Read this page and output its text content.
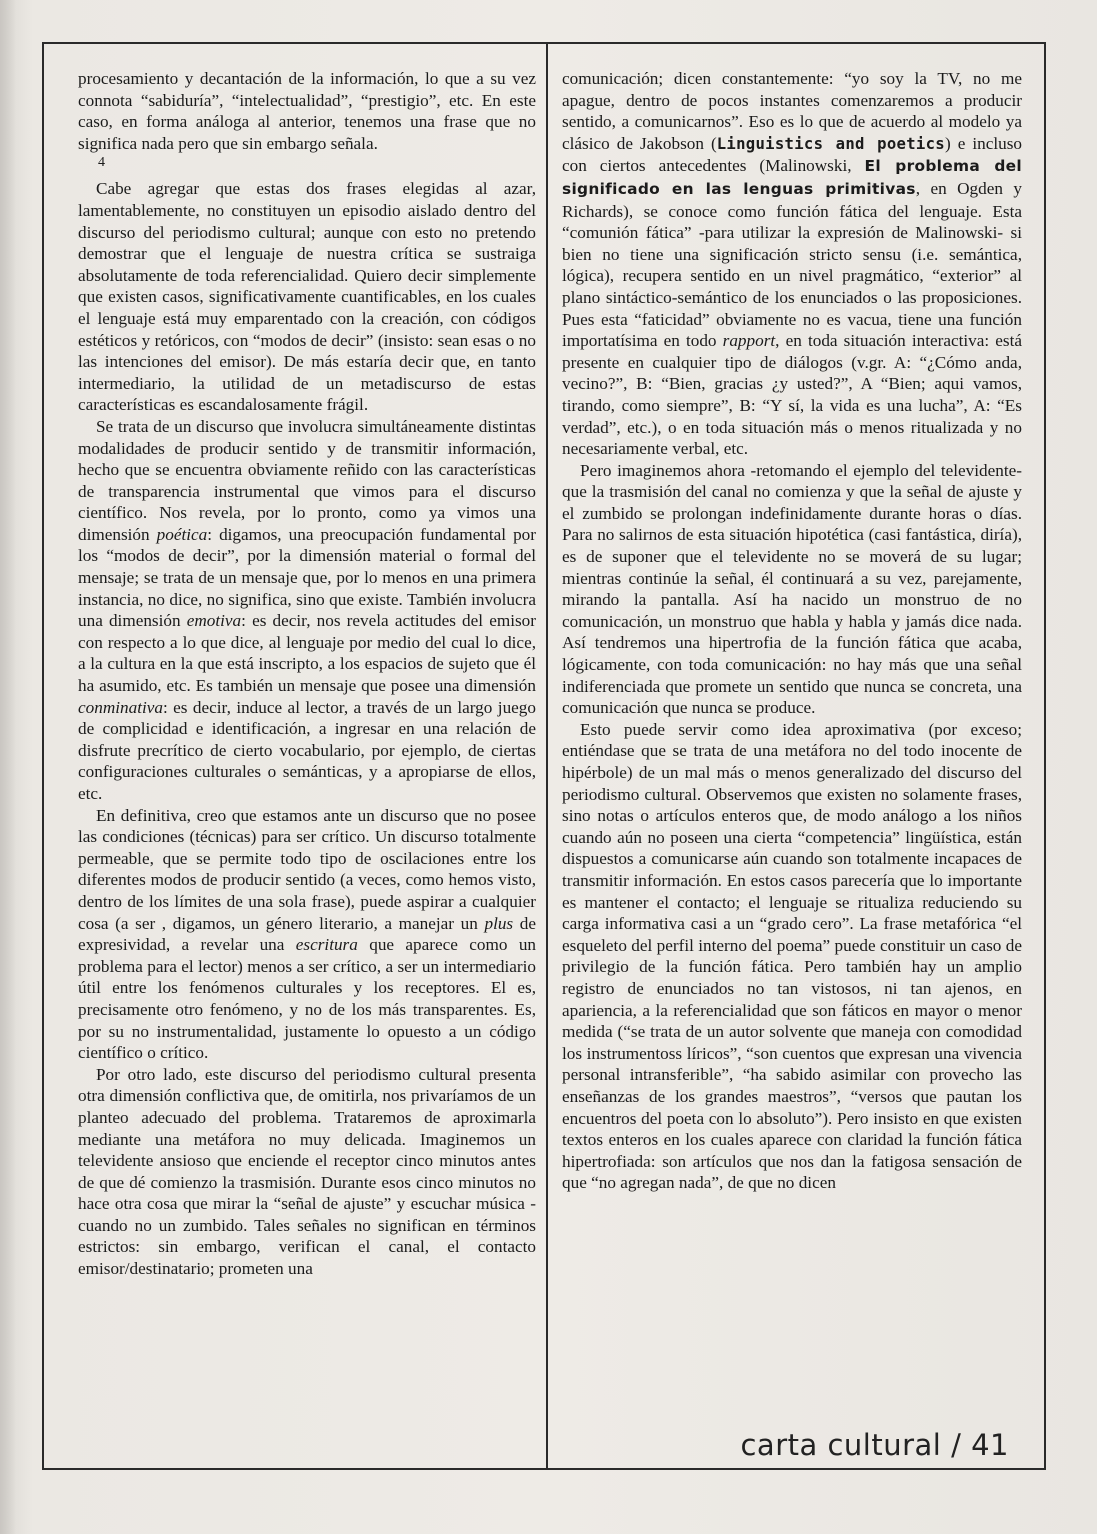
procesamiento y decantación de la información, lo que a su vez connota “sabiduría”, “intelectualidad”, “prestigio”, etc. En este caso, en forma análoga al anterior, tenemos una frase que no significa nada pero que sin embargo señala.

4

Cabe agregar que estas dos frases elegidas al azar, lamentablemente, no constituyen un episodio aislado dentro del discurso del periodismo cultural; aunque con esto no pretendo demostrar que el lenguaje de nuestra crítica se sustraiga absolutamente de toda referencialidad. Quiero decir simplemente que existen casos, significativamente cuantificables, en los cuales el lenguaje está muy emparentado con la creación, con códigos estéticos y retóricos, con “modos de decir” (insisto: sean esas o no las intenciones del emisor). De más estaría decir que, en tanto intermediario, la utilidad de un metadiscurso de estas características es escandalosamente frágil.

Se trata de un discurso que involucra simultáneamente distintas modalidades de producir sentido y de transmitir información, hecho que se encuentra obviamente reñido con las características de transparencia instrumental que vimos para el discurso científico. Nos revela, por lo pronto, como ya vimos una dimensión poética: digamos, una preocupación fundamental por los “modos de decir”, por la dimensión material o formal del mensaje; se trata de un mensaje que, por lo menos en una primera instancia, no dice, no significa, sino que existe. También involucra una dimensión emotiva: es decir, nos revela actitudes del emisor con respecto a lo que dice, al lenguaje por medio del cual lo dice, a la cultura en la que está inscripto, a los espacios de sujeto que él ha asumido, etc. Es también un mensaje que posee una dimensión conminativa: es decir, induce al lector, a través de un largo juego de complicidad e identificación, a ingresar en una relación de disfrute precrítico de cierto vocabulario, por ejemplo, de ciertas configuraciones culturales o semánticas, y a apropiarse de ellos, etc.

En definitiva, creo que estamos ante un discurso que no posee las condiciones (técnicas) para ser crítico. Un discurso totalmente permeable, que se permite todo tipo de oscilaciones entre los diferentes modos de producir sentido (a veces, como hemos visto, dentro de los límites de una sola frase), puede aspirar a cualquier cosa (a ser , digamos, un género literario, a manejar un plus de expresividad, a revelar una escritura que aparece como un problema para el lector) menos a ser crítico, a ser un intermediario útil entre los fenómenos culturales y los receptores. El es, precisamente otro fenómeno, y no de los más transparentes. Es, por su no instrumentalidad, justamente lo opuesto a un código científico o crítico.

Por otro lado, este discurso del periodismo cultural presenta otra dimensión conflictiva que, de omitirla, nos privaríamos de un planteo adecuado del problema. Trataremos de aproximarla mediante una metáfora no muy delicada. Imaginemos un televidente ansioso que enciende el receptor cinco minutos antes de que dé comienzo la trasmisión. Durante esos cinco minutos no hace otra cosa que mirar la “señal de ajuste” y escuchar música -cuando no un zumbido. Tales señales no significan en términos estrictos: sin embargo, verifican el canal, el contacto emisor/destinatario; prometen una

comunicación; dicen constantemente: “yo soy la TV, no me apague, dentro de pocos instantes comenzaremos a producir sentido, a comunicarnos”. Eso es lo que de acuerdo al modelo ya clásico de Jakobson (Linguistics and poetics) e incluso con ciertos antecedentes (Malinowski, El problema del significado en las lenguas primitivas, en Ogden y Richards), se conoce como función fática del lenguaje. Esta “comunión fática” -para utilizar la expresión de Malinowski- si bien no tiene una significación stricto sensu (i.e. semántica, lógica), recupera sentido en un nivel pragmático, “exterior” al plano sintáctico-semántico de los enunciados o las proposiciones. Pues esta “faticidad” obviamente no es vacua, tiene una función importatísima en todo rapport, en toda situación interactiva: está presente en cualquier tipo de diálogos (v.gr. A: “¿Cómo anda, vecino?”, B: “Bien, gracias ¿y usted?”, A “Bien; aqui vamos, tirando, como siempre”, B: “Y sí, la vida es una lucha”, A: “Es verdad”, etc.), o en toda situación más o menos ritualizada y no necesariamente verbal, etc.

Pero imaginemos ahora -retomando el ejemplo del televidente- que la trasmisión del canal no comienza y que la señal de ajuste y el zumbido se prolongan indefinidamente durante horas o días. Para no salirnos de esta situación hipotética (casi fantástica, diría), es de suponer que el televidente no se moverá de su lugar; mientras continúe la señal, él continuará a su vez, parejamente, mirando la pantalla. Así ha nacido un monstruo de no comunicación, un monstruo que habla y habla y jamás dice nada. Así tendremos una hipertrofia de la función fática que acaba, lógicamente, con toda comunicación: no hay más que una señal indiferenciada que promete un sentido que nunca se concreta, una comunicación que nunca se produce.

Esto puede servir como idea aproximativa (por exceso; entiéndase que se trata de una metáfora no del todo inocente de hipérbole) de un mal más o menos generalizado del discurso del periodismo cultural. Observemos que existen no solamente frases, sino notas o artículos enteros que, de modo análogo a los niños cuando aún no poseen una cierta “competencia” lingüística, están dispuestos a comunicarse aún cuando son totalmente incapaces de transmitir información. En estos casos parecería que lo importante es mantener el contacto; el lenguaje se ritualiza reduciendo su carga informativa casi a un “grado cero”. La frase metafórica “el esqueleto del perfil interno del poema” puede constituir un caso de privilegio de la función fática. Pero también hay un amplio registro de enunciados no tan vistosos, ni tan ajenos, en apariencia, a la referencialidad que son fáticos en mayor o menor medida (“se trata de un autor solvente que maneja con comodidad los instrumentoss líricos”, “son cuentos que expresan una vivencia personal intransferible”, “ha sabido asimilar con provecho las enseñanzas de los grandes maestros”, “versos que pautan los encuentros del poeta con lo absoluto”). Pero insisto en que existen textos enteros en los cuales aparece con claridad la función fática hipertrofiada: son artículos que nos dan la fatigosa sensación de que “no agregan nada”, de que no dicen

carta cultural / 41
